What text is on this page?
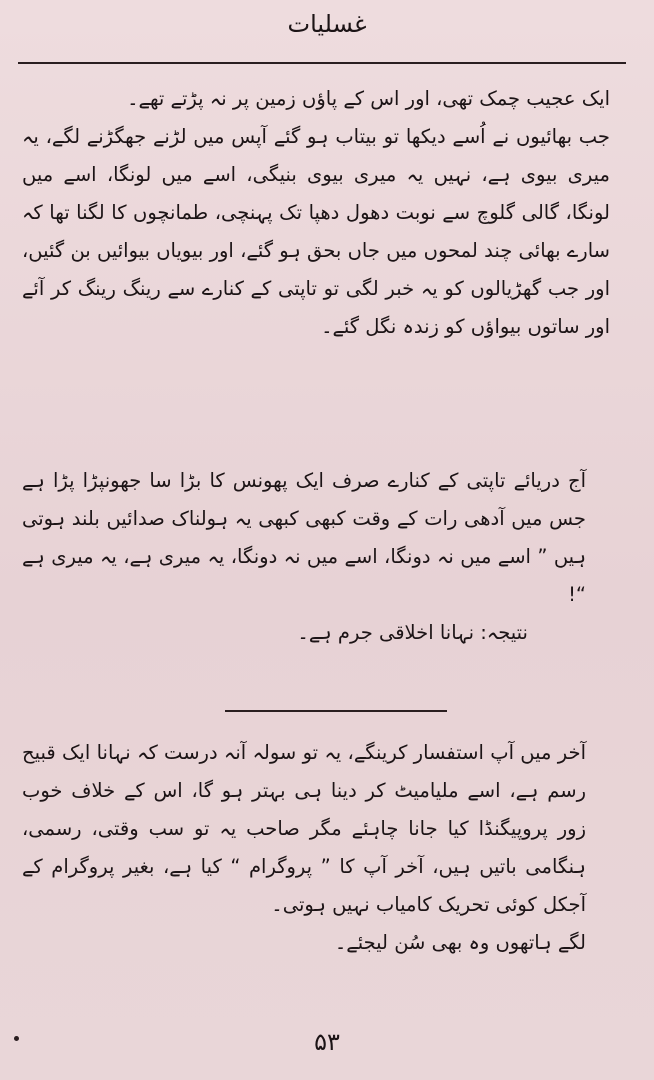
غسلیات

ایک عجیب چمک تھی، اور اس کے پاؤں زمین پر نہ پڑتے تھے۔

جب بھائیوں نے اُسے دیکھا تو بیتاب ہو گئے آپس میں لڑنے جھگڑنے لگے، یہ میری بیوی ہے، نہیں یہ میری بیوی بنیگی، اسے میں لونگا، اسے میں لونگا، گالی گلوچ سے نوبت دھول دھپا تک پہنچی، طمانچوں کا لگنا تھا کہ سارے بھائی چند لمحوں میں جاں بحق ہو گئے، اور بیویاں بیوائیں بن گئیں، اور جب گھڑیالوں کو یہ خبر لگی تو تاپتی کے کنارے سے رینگ رینگ کر آئے اور ساتوں بیواؤں کو زندہ نگل گئے۔

آج دریائے تاپتی کے کنارے صرف ایک پھونس کا بڑا سا جھونپڑا پڑا ہے جس میں آدھی رات کے وقت کبھی کبھی یہ ہولناک صدائیں بلند ہوتی ہیں ” اسے میں نہ دونگا، اسے میں نہ دونگا، یہ میری ہے، یہ میری ہے “!

نتیجہ: نہانا اخلاقی جرم ہے۔

آخر میں آپ استفسار کرینگے، یہ تو سولہ آنہ درست کہ نہانا ایک قبیح رسم ہے، اسے ملیامیٹ کر دینا ہی بہتر ہو گا، اس کے خلاف خوب زور پروپیگنڈا کیا جانا چاہئے مگر صاحب یہ تو سب وقتی، رسمی، ہنگامی باتیں ہیں، آخر آپ کا ” پروگرام “ کیا ہے، بغیر پروگرام کے آجکل کوئی تحریک کامیاب نہیں ہوتی۔

لگے ہاتھوں وہ بھی سُن لیجئے۔

۵۳
